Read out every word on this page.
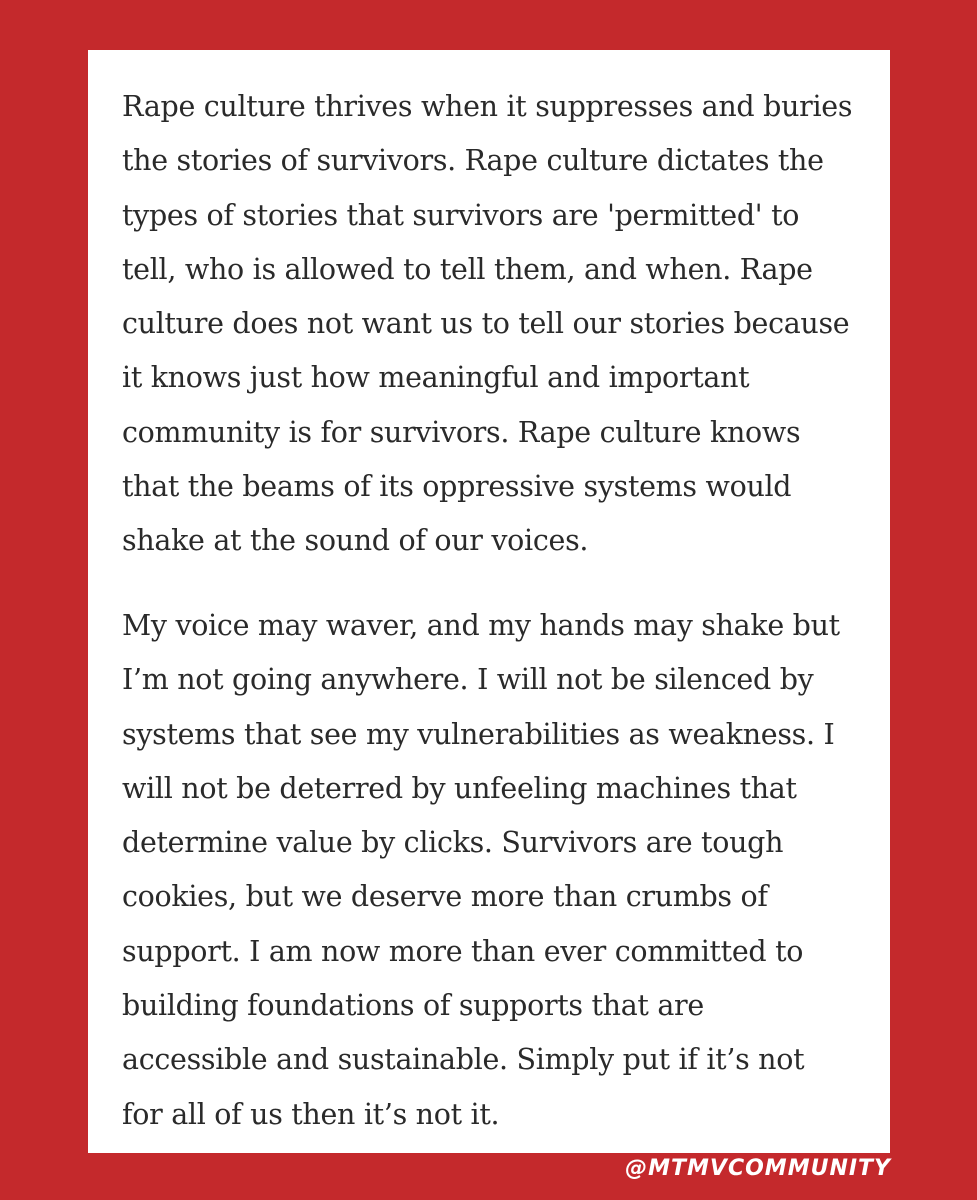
Rape culture thrives when it suppresses and buries
the stories of survivors. Rape culture dictates the
types of stories that survivors are 'permitted' to
tell, who is allowed to tell them, and when. Rape
culture does not want us to tell our stories because
it knows just how meaningful and important
community is for survivors. Rape culture knows
that the beams of its oppressive systems would
shake at the sound of our voices.
My voice may waver, and my hands may shake but
I’m not going anywhere. I will not be silenced by
systems that see my vulnerabilities as weakness. I
will not be deterred by unfeeling machines that
determine value by clicks. Survivors are tough
cookies, but we deserve more than crumbs of
support. I am now more than ever committed to
building foundations of supports that are
accessible and sustainable. Simply put if it’s not
for all of us then it’s not it.
@MTMVCOMMUNITY
